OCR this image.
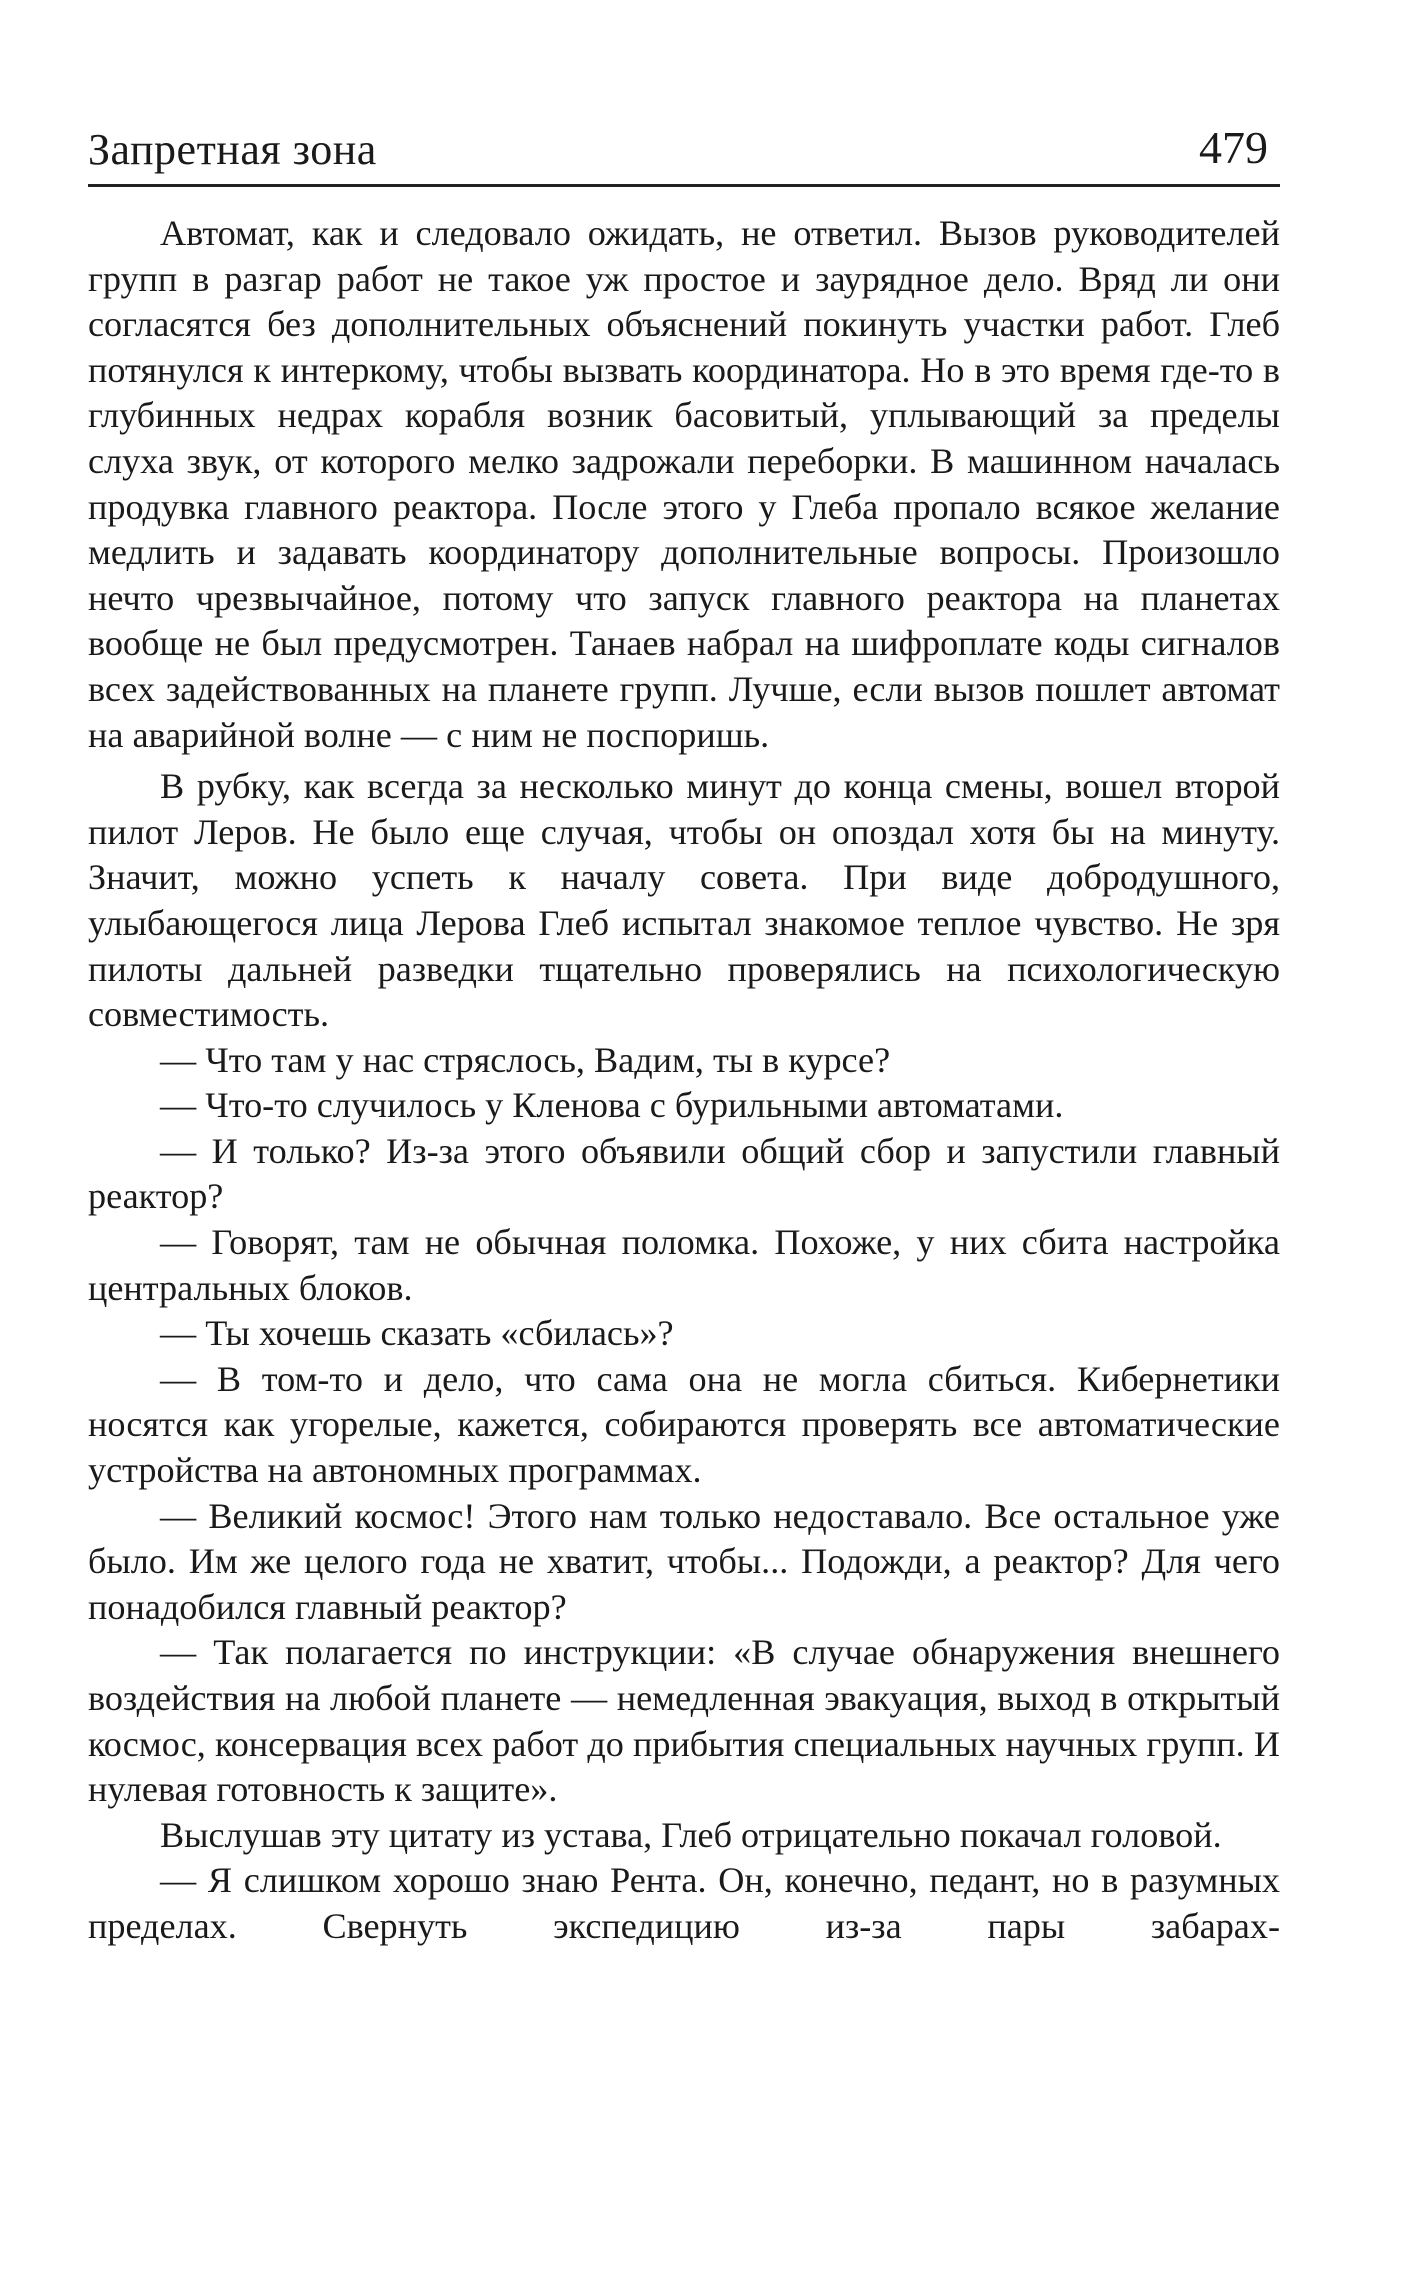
Запретная зона	479

Автомат, как и следовало ожидать, не ответил. Вызов руководителей групп в разгар работ не такое уж простое и заурядное дело. Вряд ли они согласятся без дополнительных объяснений покинуть участки работ. Глеб потянулся к интеркому, чтобы вызвать координатора. Но в это время где-то в глубинных недрах корабля возник басовитый, уплывающий за пределы слуха звук, от которого мелко задрожали переборки. В машинном началась продувка главного реактора. После этого у Глеба пропало всякое желание медлить и задавать координатору дополнительные вопросы. Произошло нечто чрезвычайное, потому что запуск главного реактора на планетах вообще не был предусмотрен. Танаев набрал на шифроплате коды сигналов всех задействованных на планете групп. Лучше, если вызов пошлет автомат на аварийной волне — с ним не поспоришь.

В рубку, как всегда за несколько минут до конца смены, вошел второй пилот Леров. Не было еще случая, чтобы он опоздал хотя бы на минуту. Значит, можно успеть к началу совета. При виде добродушного, улыбающегося лица Лерова Глеб испытал знакомое теплое чувство. Не зря пилоты дальней разведки тщательно проверялись на психологическую совместимость.

— Что там у нас стряслось, Вадим, ты в курсе?

— Что-то случилось у Кленова с бурильными автоматами.

— И только? Из-за этого объявили общий сбор и запустили главный реактор?

— Говорят, там не обычная поломка. Похоже, у них сбита настройка центральных блоков.

— Ты хочешь сказать «сбилась»?

— В том-то и дело, что сама она не могла сбиться. Кибернетики носятся как угорелые, кажется, собираются проверять все автоматические устройства на автономных программах.

— Великий космос! Этого нам только недоставало. Все остальное уже было. Им же целого года не хватит, чтобы... Подожди, а реактор? Для чего понадобился главный реактор?

— Так полагается по инструкции: «В случае обнаружения внешнего воздействия на любой планете — немедленная эвакуация, выход в открытый космос, консервация всех работ до прибытия специальных научных групп. И нулевая готовность к защите».

Выслушав эту цитату из устава, Глеб отрицательно покачал головой.

— Я слишком хорошо знаю Рента. Он, конечно, педант, но в разумных пределах. Свернуть экспедицию из-за пары забарах-
